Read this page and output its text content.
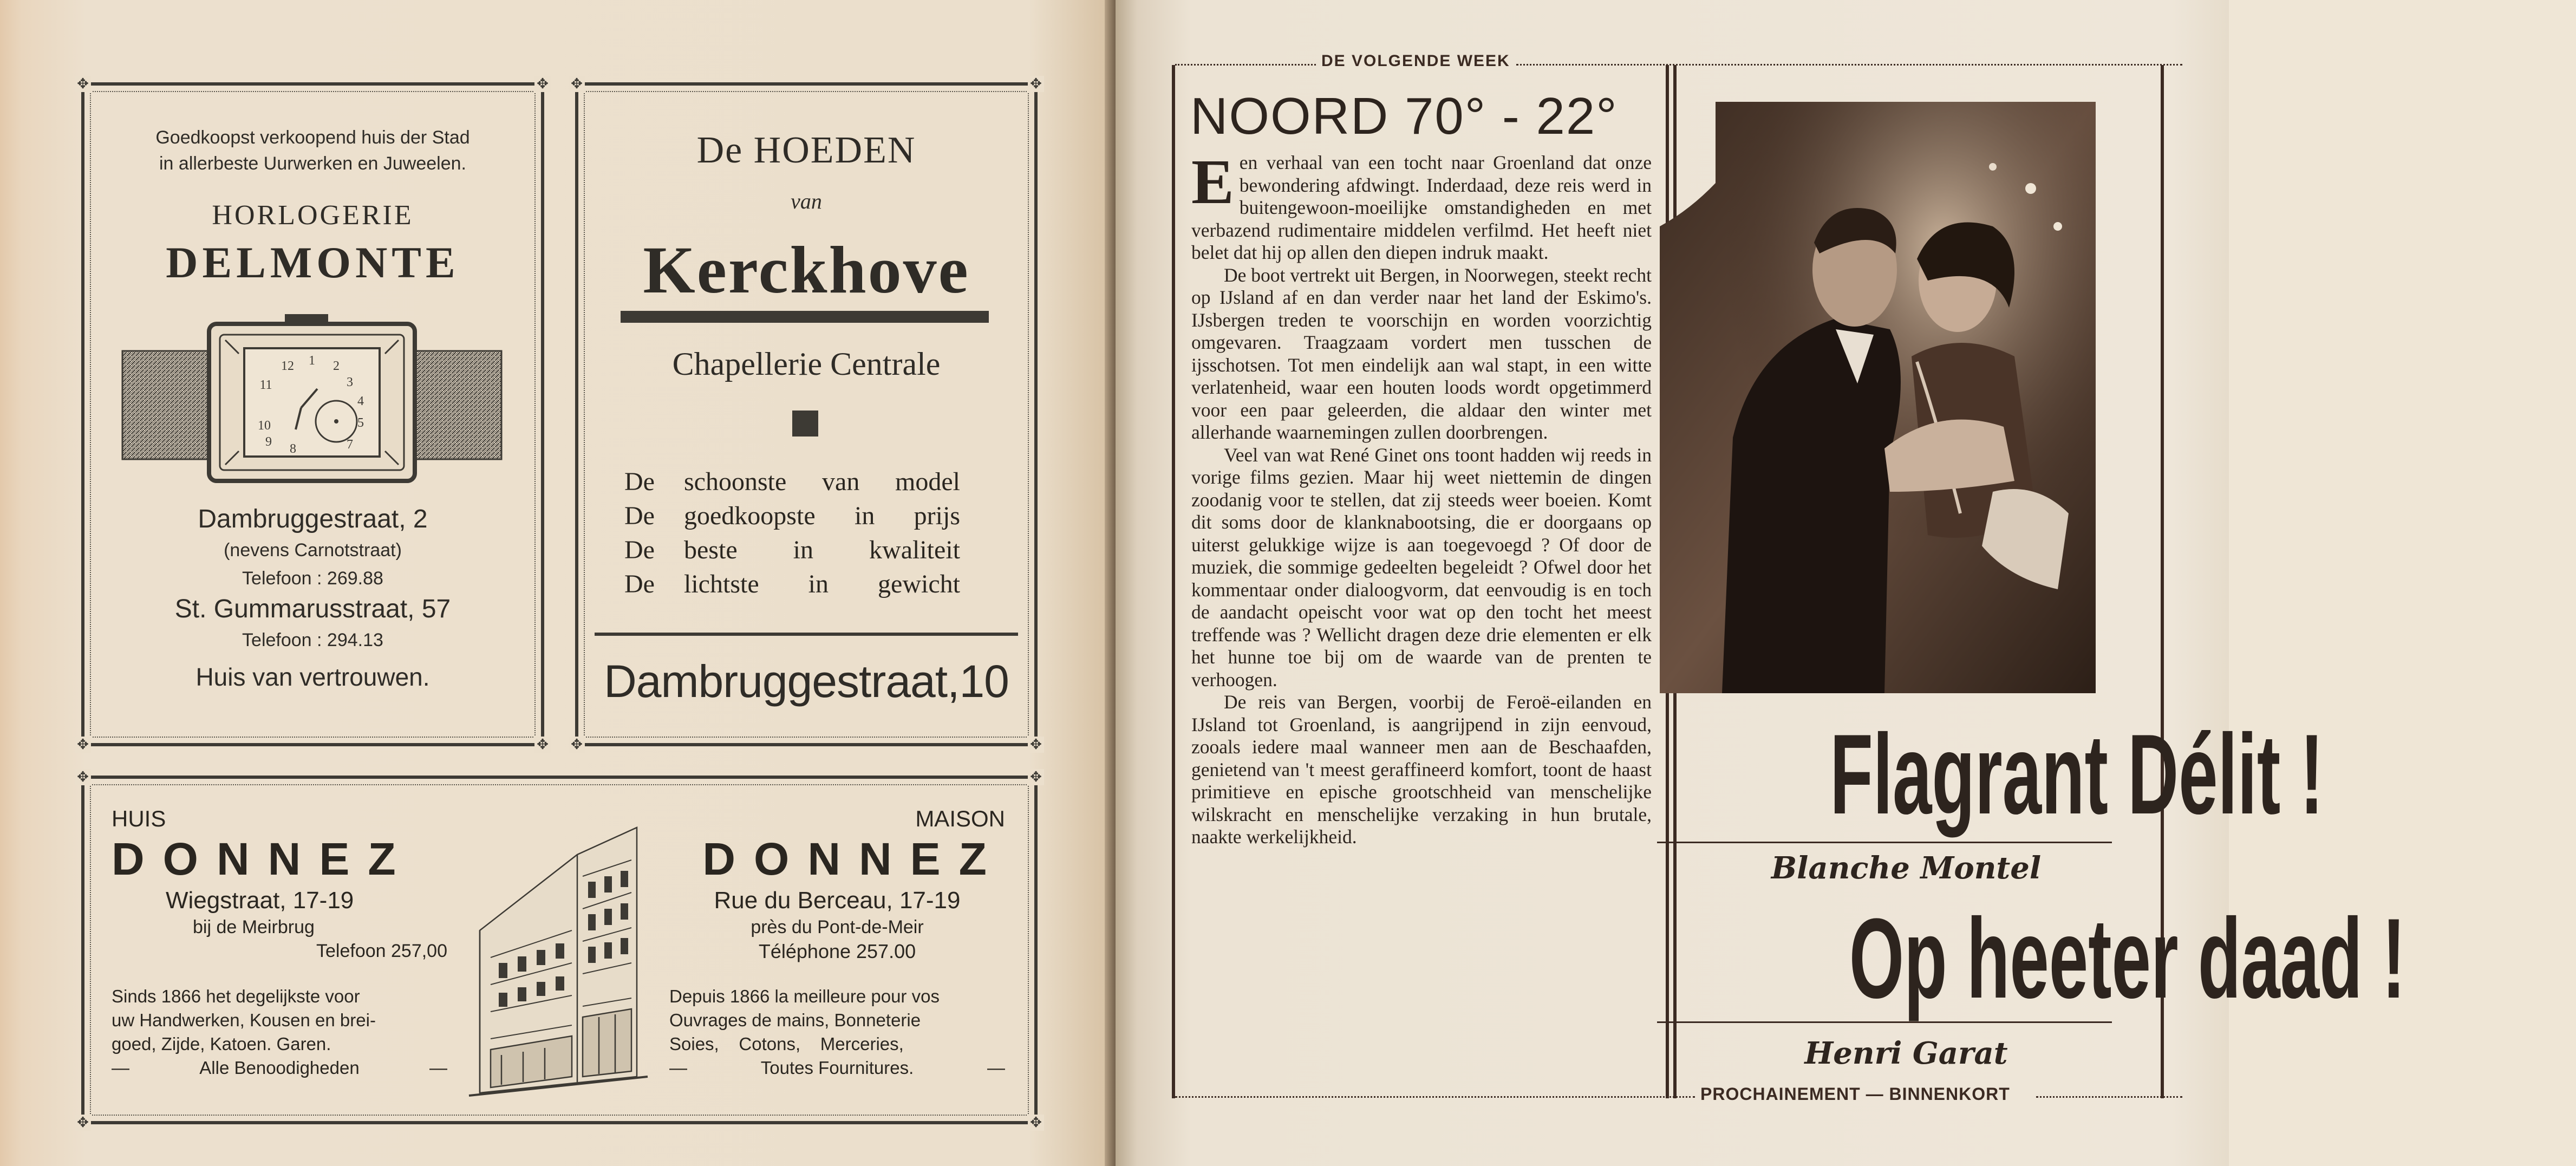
✥	✥
✥	✥
Goedkoopst verkoopend huis der Stad
in allerbeste Uurwerken en Juweelen.
HORLOGERIE
DELMONTE
1 2
3
4
5
12
11
10
9 8	7
Dambruggestraat, 2
(nevens Carnotstraat)
Telefoon : 269.88
St. Gummarusstraat, 57
Telefoon : 294.13
Huis van vertrouwen.
✥	✥
✥	✥
De HOEDEN
van
Kerckhove
Chapellerie Centrale
De	schoonste van model
De	goedkoopste in prijs
De	beste in kwaliteit
De	lichtste in gewicht
Dambruggestraat,10
✥	✥
✥	✥
HUIS
DONNEZ
Wiegstraat, 17-19
bij de Meirbrug
Telefoon 257,00
Sinds 1866 het degelijkste voor
uw Handwerken, Kousen en brei-
goed, Zijde, Katoen. Garen.
—	Alle Benoodigheden	—
MAISON
DONNEZ
Rue du Berceau, 17-19
près du Pont-de-Meir
Téléphone 257.00
Depuis 1866 la meilleure pour vos
Ouvrages de mains, Bonneterie
Soies,    Cotons,    Merceries,
—	Toutes Fournitures.	—
DE VOLGENDE WEEK
NOORD 70° - 22°

Een verhaal van een tocht naar Groenland dat onze bewondering afdwingt. Inderdaad, deze reis werd in buitengewoon-moeilijke omstandigheden en met verbazend rudimentaire middelen verfilmd. Het heeft niet belet dat hij op allen den diepen indruk maakt.

De boot vertrekt uit Bergen, in Noorwegen, steekt recht op IJsland af en dan verder naar het land der Eskimo's. IJsbergen treden te voorschijn en worden voorzichtig omgevaren. Traagzaam vordert men tusschen de ijsschotsen. Tot men eindelijk aan wal stapt, in een witte verlatenheid, waar een houten loods wordt opgetimmerd voor een paar geleerden, die aldaar den winter met allerhande waarnemingen zullen doorbrengen.

Veel van wat René Ginet ons toont hadden wij reeds in vorige films gezien. Maar hij weet niettemin de dingen zoodanig voor te stellen, dat zij steeds weer boeien. Komt dit soms door de klanknabootsing, die er doorgaans op uiterst gelukkige wijze is aan toegevoegd ? Of door de muziek, die sommige gedeelten begeleidt ? Ofwel door het kommentaar onder dialoogvorm, dat eenvoudig is en toch de aandacht opeischt voor wat op den tocht het meest treffende was ? Wellicht dragen deze drie elementen er elk het hunne toe bij om de waarde van de prenten te verhoogen.

De reis van Bergen, voorbij de Feroë-eilanden en IJsland tot Groenland, is aangrijpend in zijn eenvoud, zooals iedere maal wanneer men aan de Beschaafden, genietend van 't meest geraffineerd komfort, toont de haast primitieve en epische grootschheid van menschelijke wilskracht en menschelijke verzaking in hun brutale, naakte werkelijkheid.	Flagrant Délit !
Blanche Montel
Op heeter daad !
Henri Garat
PROCHAINEMENT — BINNENKORT
